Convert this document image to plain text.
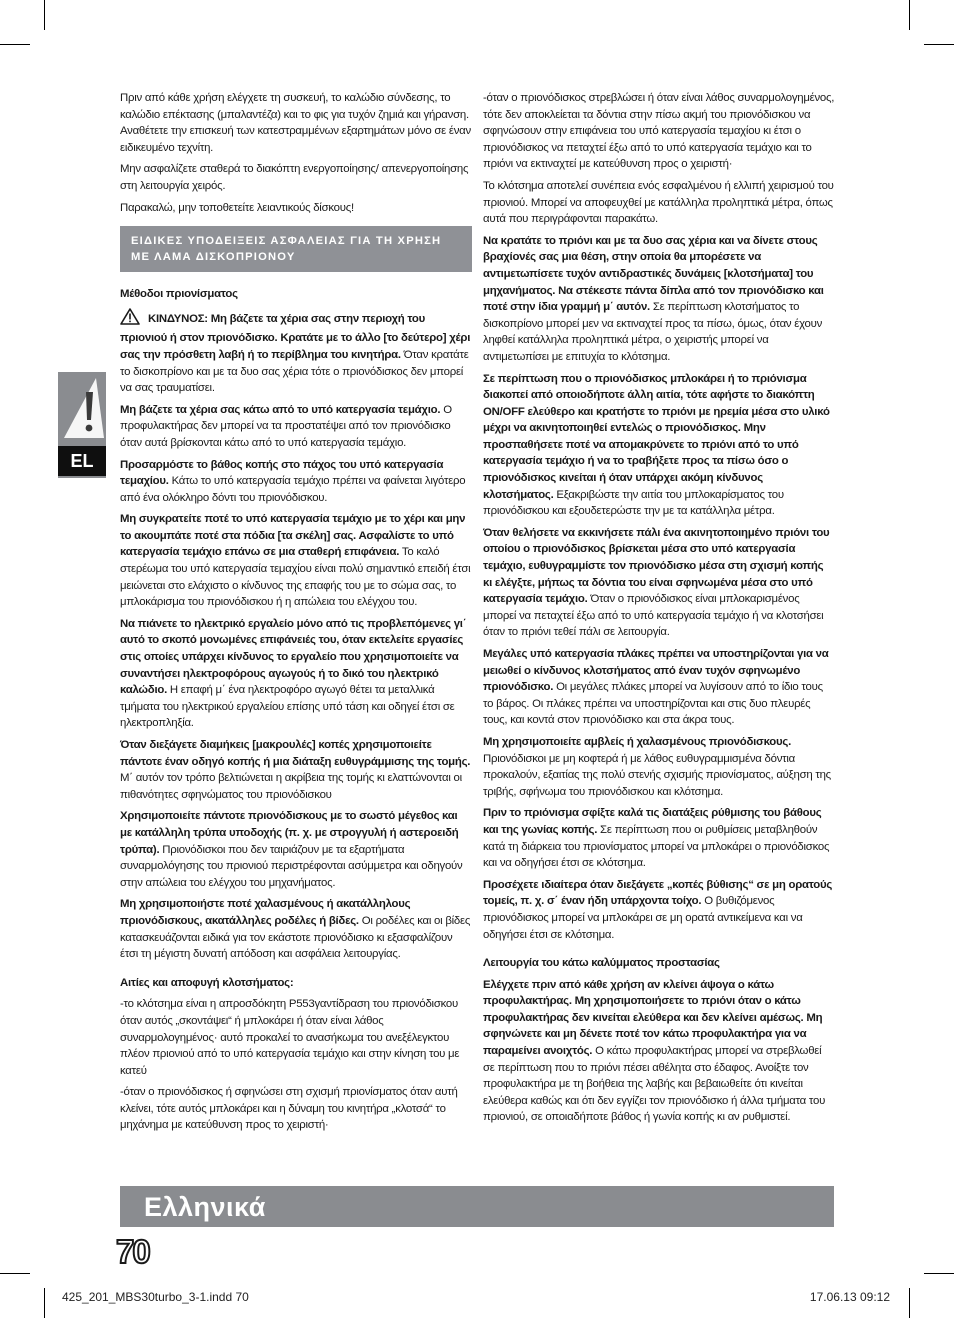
Πριν από κάθε χρήση ελέγχετε τη συσκευή, το καλώδιο σύνδεσης, το καλώδιο επέκτασης (μπαλαντέζα) και το φις για τυχόν ζημιά και γήρανση. Αναθέτετε την επισκευή των κατεστραμμένων εξαρτημάτων μόνο σε έναν ειδικευμένο τεχνίτη.

Μην ασφαλίζετε σταθερά το διακόπτη ενεργοποίησης/ απενεργοποίησης στη λειτουργία χειρός.

Παρακαλώ, μην τοποθετείτε λειαντικούς δίσκους!

ΕΙΔΙΚΕΣ ΥΠΟΔΕΙΞΕΙΣ ΑΣΦΑΛΕΙΑΣ ΓΙΑ ΤΗ ΧΡΗΣΗ ΜΕ ΛΑΜΑ ΔΙΣΚΟΠΡΙΟΝΟΥ

Μέθοδοι πριονίσματος

ΚΙΝΔΥΝΟΣ: Μη βάζετε τα χέρια σας στην περιοχή του πριονιού ή στον πριονόδισκο. Κρατάτε με το άλλο [το δεύτερο] χέρι σας την πρόσθετη λαβή ή το περίβλημα του κινητήρα. Όταν κρατάτε το δισκοπρίονο και με τα δυο σας χέρια τότε ο πριονόδισκος δεν μπορεί να σας τραυματίσει.

Μη βάζετε τα χέρια σας κάτω από το υπό κατεργασία τεμάχιο. Ο προφυλακτήρας δεν μπορεί να τα προστατέψει από τον πριονόδισκο όταν αυτά βρίσκονται κάτω από το υπό κατεργασία τεμάχιο.

Προσαρμόστε το βάθος κοπής στο πάχος του υπό κατεργασία τεμαχίου. Κάτω το υπό κατεργασία τεμάχιο πρέπει να φαίνεται λιγότερο από ένα ολόκληρο δόντι του πριονόδισκου.

Μη συγκρατείτε ποτέ το υπό κατεργασία τεμάχιο με το χέρι και μην το ακουμπάτε ποτέ στα πόδια [τα σκέλη] σας. Ασφαλίστε το υπό κατεργασία τεμάχιο επάνω σε μια σταθερή επιφάνεια. Το καλό στερέωμα του υπό κατεργασία τεμαχίου είναι πολύ σημαντικό επειδή έτσι μειώνεται στο ελάχιστο ο κίνδυνος της επαφής του με το σώμα σας, το μπλοκάρισμα του πριονόδισκου ή η απώλεια του ελέγχου του.

Να πιάνετε το ηλεκτρικό εργαλείο μόνο από τις προβλεπόμενες γι΄ αυτό το σκοπό μονωμένες επιφάνειές του, όταν εκτελείτε εργασίες στις οποίες υπάρχει κίνδυνος το εργαλείο που χρησιμοποιείτε να συναντήσει ηλεκτροφόρους αγωγούς ή το δικό του ηλεκτρικό καλώδιο. Η επαφή μ΄ ένα ηλεκτροφόρο αγωγό θέτει τα μεταλλικά τμήματα του ηλεκτρικού εργαλείου επίσης υπό τάση και οδηγεί έτσι σε ηλεκτροπληξία.

Όταν διεξάγετε διαμήκεις [μακρουλές] κοπές χρησιμοποιείτε πάντοτε έναν οδηγό κοπής ή μια διάταξη ευθυγράμμισης της τομής. Μ΄ αυτόν τον τρόπο βελτιώνεται η ακρίβεια της τομής κι ελαττώνονται οι πιθανότητες σφηνώματος του πριονόδισκου

Χρησιμοποιείτε πάντοτε πριονόδισκους με το σωστό μέγεθος και με κατάλληλη τρύπα υποδοχής (π. χ. με στρογγυλή ή αστεροειδή τρύπα). Πριονόδισκοι που δεν ταιριάζουν με τα εξαρτήματα συναρμολόγησης του πριονιού περιστρέφονται ασύμμετρα και οδηγούν στην απώλεια του ελέγχου του μηχανήματος.

Μη χρησιμοποιήστε ποτέ χαλασμένους ή ακατάλληλους πριονόδισκους, ακατάλληλες ροδέλες ή βίδες. Οι ροδέλες και οι βίδες κατασκευάζονται ειδικά για τον εκάστοτε πριονόδισκο κι εξασφαλίζουν έτσι τη μέγιστη δυνατή απόδοση και ασφάλεια λειτουργίας.

Αιτίες και αποφυγή κλοτσήματος:

-το κλότσημα είναι η απροσδόκητη Ρ553γαντίδραση του πριονόδισκου όταν αυτός „σκοντάψει“ ή μπλοκάρει ή όταν είναι λάθος συναρμολογημένος· αυτό προκαλεί το ανασήκωμα του ανεξέλεγκτου πλέον πριονιού από το υπό κατεργασία τεμάχιο και στην κίνηση του με κατεύ

-όταν ο πριονόδισκος ή σφηνώσει στη σχισμή πριονίσματος όταν αυτή κλείνει, τότε αυτός μπλοκάρει και η δύναμη του κινητήρα „κλοτσά“ το μηχάνημα με κατεύθυνση προς το χειριστή·

-όταν ο πριονόδισκος στρεβλώσει ή όταν είναι λάθος συναρμολογημένος, τότε δεν αποκλείεται τα δόντια στην πίσω ακμή του πριονόδισκου να σφηνώσουν στην επιφάνεια του υπό κατεργασία τεμαχίου κι έτσι ο πριονόδισκος να πεταχτεί έξω από το υπό κατεργασία τεμάχιο και το πριόνι να εκτιναχτεί με κατεύθυνση προς ο χειριστή·

Το κλότσημα αποτελεί συνέπεια ενός εσφαλμένου ή ελλιπή χειρισμού του πριονιού. Μπορεί να αποφευχθεί με κατάλληλα προληπτικά μέτρα, όπως αυτά που περιγράφονται παρακάτω.

Να κρατάτε το πριόνι και με τα δυο σας χέρια και να δίνετε στους βραχίονές σας μια θέση, στην οποία θα μπορέσετε να αντιμετωπίσετε τυχόν αντιδραστικές δυνάμεις [κλοτσήματα] του μηχανήματος. Να στέκεστε πάντα δίπλα από τον πριονόδισκο και ποτέ στην ίδια γραμμή μ΄ αυτόν. Σε περίπτωση κλοτσήματος το δισκοπρίονο μπορεί μεν να εκτιναχτεί προς τα πίσω, όμως, όταν έχουν ληφθεί κατάλληλα προληπτικά μέτρα, ο χειριστής μπορεί να αντιμετωπίσει με επιτυχία το κλότσημα.

Σε περίπτωση που ο πριονόδισκος μπλοκάρει ή το πριόνισμα διακοπεί από οποιοδήποτε άλλη αιτία, τότε αφήστε το διακόπτη ON/OFF ελεύθερο και κρατήστε το πριόνι με ηρεμία μέσα στο υλικό μέχρι να ακινητοποιηθεί εντελώς ο πριονόδισκος. Μην προσπαθήσετε ποτέ να απομακρύνετε το πριόνι από το υπό κατεργασία τεμάχιο ή να το τραβήξετε προς τα πίσω όσο ο πριονόδισκος κινείται ή όταν υπάρχει ακόμη κίνδυνος κλοτσήματος. Εξακριβώστε την αιτία του μπλοκαρίσματος του πριονόδισκου και εξουδετερώστε την με τα κατάλληλα μέτρα.

Όταν θελήσετε να εκκινήσετε πάλι ένα ακινητοποιημένο πριόνι του οποίου ο πριονόδισκος βρίσκεται μέσα στο υπό κατεργασία τεμάχιο, ευθυγραμμίστε τον πριονόδισκο μέσα στη σχισμή κοπής κι ελέγξτε, μήπως τα δόντια του είναι σφηνωμένα μέσα στο υπό κατεργασία τεμάχιο. Όταν ο πριονόδισκος είναι μπλοκαρισμένος μπορεί να πεταχτεί έξω από το υπό κατεργασία τεμάχιο ή να κλοτσήσει όταν το πριόνι τεθεί πάλι σε λειτουργία.

Μεγάλες υπό κατεργασία πλάκες πρέπει να υποστηρίζονται για να μειωθεί ο κίνδυνος κλοτσήματος από έναν τυχόν σφηνωμένο πριονόδισκο. Οι μεγάλες πλάκες μπορεί να λυγίσουν από το ίδιο τους το βάρος. Οι πλάκες πρέπει να υποστηρίζονται και στις δυο πλευρές τους, και κοντά στον πριονόδισκο και στα άκρα τους.

Μη χρησιμοποιείτε αμβλείς ή χαλασμένους πριονόδισκους. Πριονόδισκοι με μη κοφτερά ή με λάθος ευθυγραμμισμένα δόντια προκαλούν, εξαιτίας της πολύ στενής σχισμής πριονίσματος, αύξηση της τριβής, σφήνωμα του πριονόδισκου και κλότσημα.

Πριν το πριόνισμα σφίξτε καλά τις διατάξεις ρύθμισης του βάθους και της γωνίας κοπής. Σε περίπτωση που οι ρυθμίσεις μεταβληθούν κατά τη διάρκεια του πριονίσματος μπορεί να μπλοκάρει ο πριονόδισκος και να οδηγήσει έτσι σε κλότσημα.

Προσέχετε ιδιαίτερα όταν διεξάγετε „κοπές βύθισης“ σε μη ορατούς τομείς, π. χ. σ΄ έναν ήδη υπάρχοντα τοίχο. Ο βυθιζόμενος πριονόδισκος μπορεί να μπλοκάρει σε μη ορατά αντικείμενα και να οδηγήσει έτσι σε κλότσημα.

Λειτουργία του κάτω καλύμματος προστασίας

Ελέγχετε πριν από κάθε χρήση αν κλείνει άψογα ο κάτω προφυλακτήρας. Μη χρησιμοποιήσετε το πριόνι όταν ο κάτω προφυλακτήρας δεν κινείται ελεύθερα και δεν κλείνει αμέσως. Μη σφηνώνετε και μη δένετε ποτέ τον κάτω προφυλακτήρα για να παραμείνει ανοιχτός. Ο κάτω προφυλακτήρας μπορεί να στρεβλωθεί σε περίπτωση που το πριόνι πέσει αθέλητα στο έδαφος. Ανοίξτε τον προφυλακτήρα με τη βοήθεια της λαβής και βεβαιωθείτε ότι κινείται ελεύθερα καθώς και ότι δεν εγγίζει τον πριονόδισκο ή άλλα τμήματα του πριονιού, σε οποιαδήποτε βάθος ή γωνία κοπής κι αν ρυθμιστεί.

EL
Ελληνικά
70
425_201_MBS30turbo_3-1.indd 70	17.06.13 09:12
